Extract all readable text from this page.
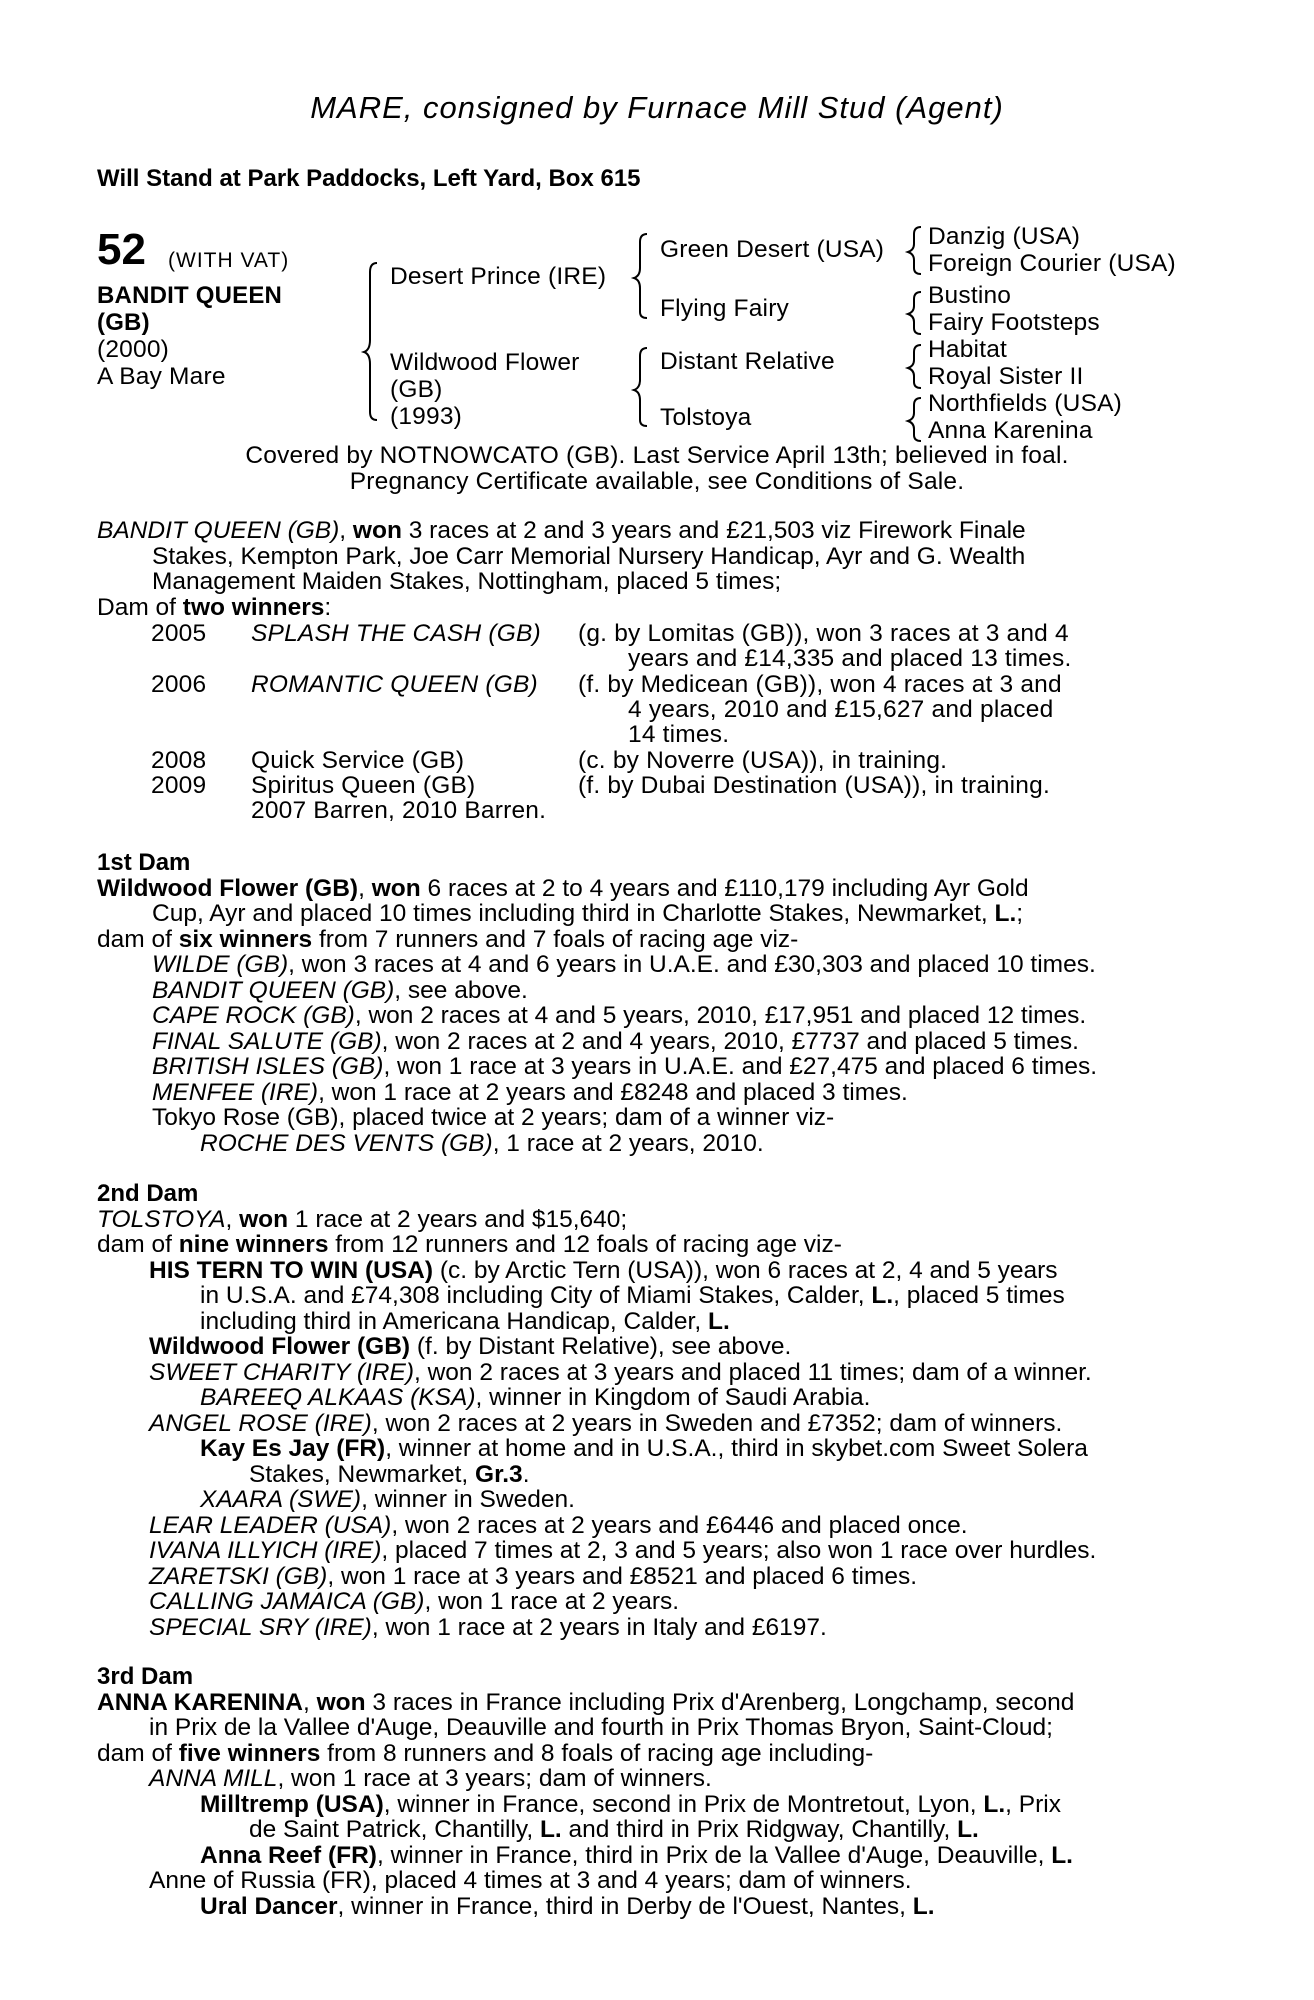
MARE, consigned by Furnace Mill Stud (Agent)
Will Stand at Park Paddocks, Left Yard, Box 615
52 (WITH VAT)
BANDIT QUEEN
(GB)
(2000)
A Bay Mare
Desert Prince (IRE)
Wildwood Flower
(GB)
(1993)
Green Desert (USA)
Flying Fairy
Distant Relative
Tolstoya
Danzig (USA)
Foreign Courier (USA)
Bustino
Fairy Footsteps
Habitat
Royal Sister II
Northfields (USA)
Anna Karenina
Covered by NOTNOWCATO (GB). Last Service April 13th; believed in foal.
Pregnancy Certificate available, see Conditions of Sale.
BANDIT QUEEN (GB), won 3 races at 2 and 3 years and £21,503 viz Firework Finale
Stakes, Kempton Park, Joe Carr Memorial Nursery Handicap, Ayr and G. Wealth
Management Maiden Stakes, Nottingham, placed 5 times;
Dam of two winners:
2005 SPLASH THE CASH (GB) (g. by Lomitas (GB)), won 3 races at 3 and 4
years and £14,335 and placed 13 times.
2006 ROMANTIC QUEEN (GB) (f. by Medicean (GB)), won 4 races at 3 and
4 years, 2010 and £15,627 and placed
14 times.
2008 Quick Service (GB)	(c. by Noverre (USA)), in training.
2009 Spiritus Queen (GB)	(f. by Dubai Destination (USA)), in training.
2007 Barren, 2010 Barren.
1st Dam
Wildwood Flower (GB), won 6 races at 2 to 4 years and £110,179 including Ayr Gold
Cup, Ayr and placed 10 times including third in Charlotte Stakes, Newmarket, L.;
dam of six winners from 7 runners and 7 foals of racing age viz-
WILDE (GB), won 3 races at 4 and 6 years in U.A.E. and £30,303 and placed 10 times.
BANDIT QUEEN (GB), see above.
CAPE ROCK (GB), won 2 races at 4 and 5 years, 2010, £17,951 and placed 12 times.
FINAL SALUTE (GB), won 2 races at 2 and 4 years, 2010, £7737 and placed 5 times.
BRITISH ISLES (GB), won 1 race at 3 years in U.A.E. and £27,475 and placed 6 times.
MENFEE (IRE), won 1 race at 2 years and £8248 and placed 3 times.
Tokyo Rose (GB), placed twice at 2 years; dam of a winner viz-
ROCHE DES VENTS (GB), 1 race at 2 years, 2010.
2nd Dam
TOLSTOYA, won 1 race at 2 years and $15,640;
dam of nine winners from 12 runners and 12 foals of racing age viz-
HIS TERN TO WIN (USA) (c. by Arctic Tern (USA)), won 6 races at 2, 4 and 5 years
in U.S.A. and £74,308 including City of Miami Stakes, Calder, L., placed 5 times
including third in Americana Handicap, Calder, L.
Wildwood Flower (GB) (f. by Distant Relative), see above.
SWEET CHARITY (IRE), won 2 races at 3 years and placed 11 times; dam of a winner.
BAREEQ ALKAAS (KSA), winner in Kingdom of Saudi Arabia.
ANGEL ROSE (IRE), won 2 races at 2 years in Sweden and £7352; dam of winners.
Kay Es Jay (FR), winner at home and in U.S.A., third in skybet.com Sweet Solera
Stakes, Newmarket, Gr.3.
XAARA (SWE), winner in Sweden.
LEAR LEADER (USA), won 2 races at 2 years and £6446 and placed once.
IVANA ILLYICH (IRE), placed 7 times at 2, 3 and 5 years; also won 1 race over hurdles.
ZARETSKI (GB), won 1 race at 3 years and £8521 and placed 6 times.
CALLING JAMAICA (GB), won 1 race at 2 years.
SPECIAL SRY (IRE), won 1 race at 2 years in Italy and £6197.
3rd Dam
ANNA KARENINA, won 3 races in France including Prix d'Arenberg, Longchamp, second
in Prix de la Vallee d'Auge, Deauville and fourth in Prix Thomas Bryon, Saint-Cloud;
dam of five winners from 8 runners and 8 foals of racing age including-
ANNA MILL, won 1 race at 3 years; dam of winners.
Milltremp (USA), winner in France, second in Prix de Montretout, Lyon, L., Prix
de Saint Patrick, Chantilly, L. and third in Prix Ridgway, Chantilly, L.
Anna Reef (FR), winner in France, third in Prix de la Vallee d'Auge, Deauville, L.
Anne of Russia (FR), placed 4 times at 3 and 4 years; dam of winners.
Ural Dancer, winner in France, third in Derby de l'Ouest, Nantes, L.
